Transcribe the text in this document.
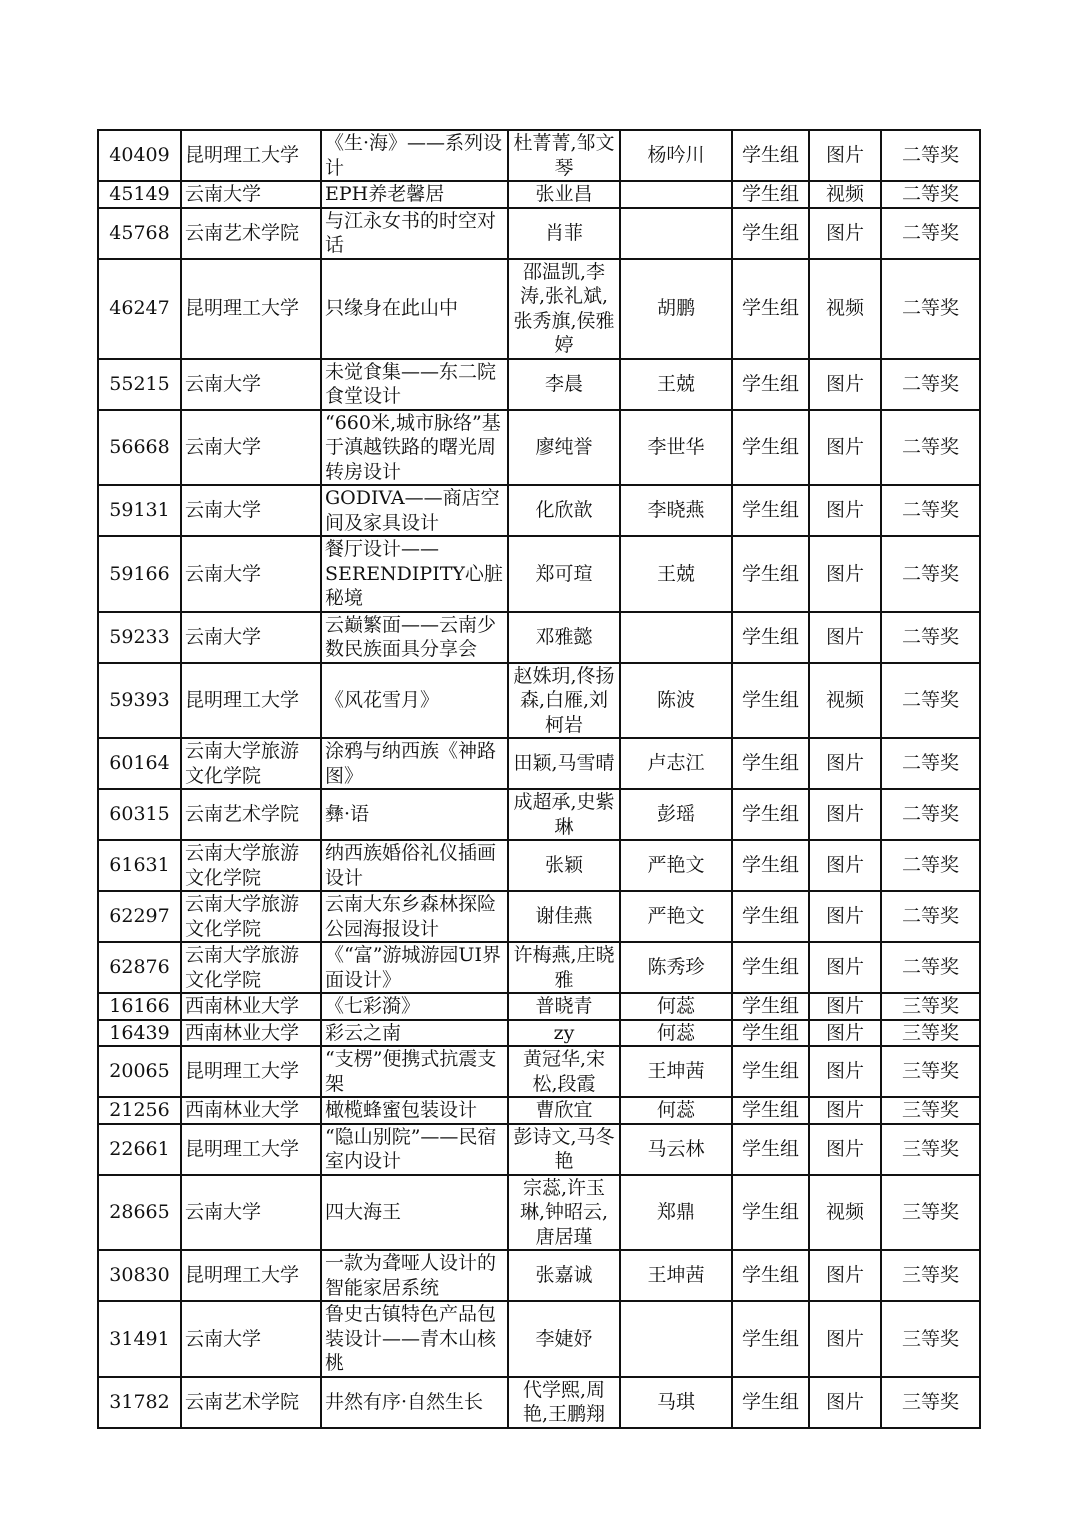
40409	昆明理工大学	《生·海》——系列设计	杜菁菁,邹文琴	杨吟川	学生组	图片	二等奖
45149	云南大学	EPH养老馨居	张业昌		学生组	视频	二等奖
45768	云南艺术学院	与江永女书的时空对话	肖菲		学生组	图片	二等奖
46247	昆明理工大学	只缘身在此山中	邵温凯,李涛,张礼斌,张秀旗,侯雅婷	胡鹏	学生组	视频	二等奖
55215	云南大学	未觉食集——东二院食堂设计	李晨	王兢	学生组	图片	二等奖
56668	云南大学	“660米,城市脉络”基于滇越铁路的曙光周转房设计	廖纯誉	李世华	学生组	图片	二等奖
59131	云南大学	GODIVA——商店空间及家具设计	化欣歆	李晓燕	学生组	图片	二等奖
59166	云南大学	餐厅设计——SERENDIPITY心脏秘境	郑可瑄	王兢	学生组	图片	二等奖
59233	云南大学	云巅繁面——云南少数民族面具分享会	邓雅懿		学生组	图片	二等奖
59393	昆明理工大学	《风花雪月》	赵姝玥,佟扬森,白雁,刘柯岩	陈波	学生组	视频	二等奖
60164	云南大学旅游文化学院	涂鸦与纳西族《神路图》	田颖,马雪晴	卢志江	学生组	图片	二等奖
60315	云南艺术学院	彝·语	成超承,史紫琳	彭瑶	学生组	图片	二等奖
61631	云南大学旅游文化学院	纳西族婚俗礼仪插画设计	张颖	严艳文	学生组	图片	二等奖
62297	云南大学旅游文化学院	云南大东乡森林探险公园海报设计	谢佳燕	严艳文	学生组	图片	二等奖
62876	云南大学旅游文化学院	《“富”游城游园UI界面设计》	许梅燕,庄晓雅	陈秀珍	学生组	图片	二等奖
16166	西南林业大学	《七彩漪》	普晓青	何蕊	学生组	图片	三等奖
16439	西南林业大学	彩云之南	zy	何蕊	学生组	图片	三等奖
20065	昆明理工大学	“支楞”便携式抗震支架	黄冠华,宋松,段霞	王坤茜	学生组	图片	三等奖
21256	西南林业大学	橄榄蜂蜜包装设计	曹欣宜	何蕊	学生组	图片	三等奖
22661	昆明理工大学	“隐山别院”——民宿室内设计	彭诗文,马冬艳	马云林	学生组	图片	三等奖
28665	云南大学	四大海王	宗蕊,许玉琳,钟昭云,唐居瑾	郑鼎	学生组	视频	三等奖
30830	昆明理工大学	一款为聋哑人设计的智能家居系统	张嘉诚	王坤茜	学生组	图片	三等奖
31491	云南大学	鲁史古镇特色产品包装设计——青木山核桃	李婕妤		学生组	图片	三等奖
31782	云南艺术学院	井然有序·自然生长	代学熙,周艳,王鹏翔	马琪	学生组	图片	三等奖
